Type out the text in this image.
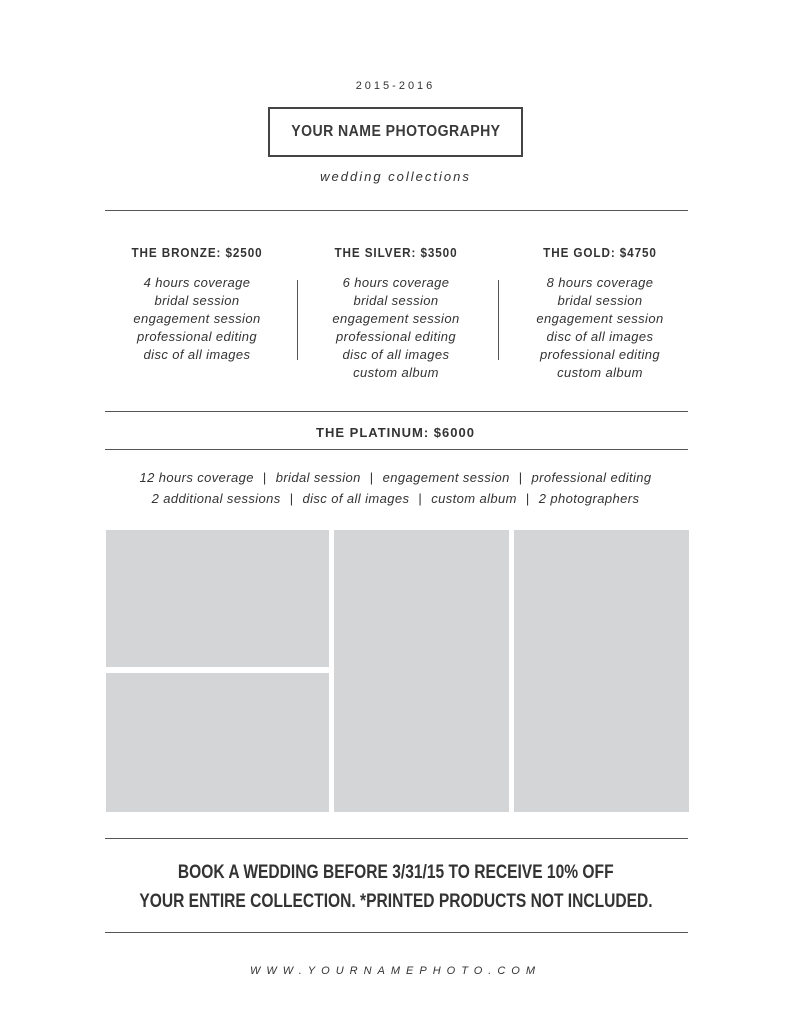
2015-2016
YOUR NAME PHOTOGRAPHY
wedding collections
THE BRONZE: $2500
4 hours coverage
bridal session
engagement session
professional editing
disc of all images
THE SILVER: $3500
6 hours coverage
bridal session
engagement session
professional editing
disc of all images
custom album
THE GOLD: $4750
8 hours coverage
bridal session
engagement session
disc of all images
professional editing
custom album
THE PLATINUM: $6000
12 hours coverage | bridal session | engagement session | professional editing
2 additional sessions | disc of all images | custom album | 2 photographers
BOOK A WEDDING BEFORE 3/31/15 TO RECEIVE 10% OFF
YOUR ENTIRE COLLECTION. *PRINTED PRODUCTS NOT INCLUDED.
WWW.YOURNAMEPHOTO.COM
